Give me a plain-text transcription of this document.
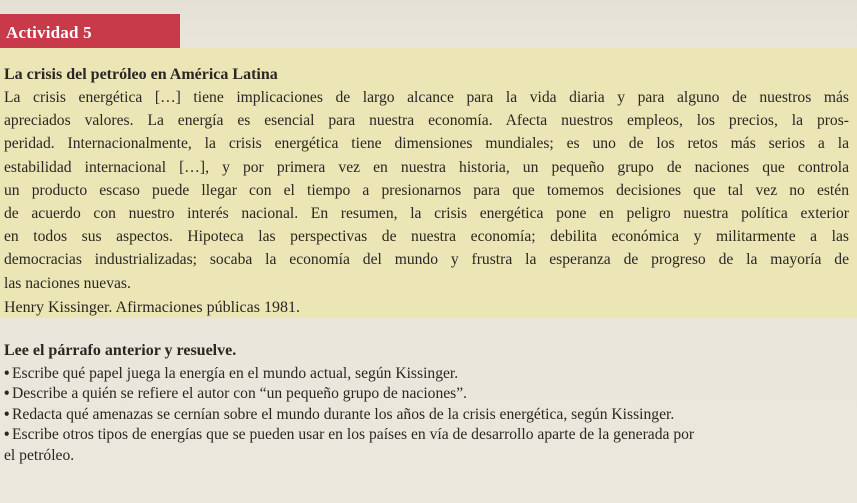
Actividad 5

La crisis del petróleo en América Latina

La crisis energética […] tiene implicaciones de largo alcance para la vida diaria y para alguno de nuestros más
apreciados valores. La energía es esencial para nuestra economía. Afecta nuestros empleos, los precios, la pros-
peridad. Internacionalmente, la crisis energética tiene dimensiones mundiales; es uno de los retos más serios a la
estabilidad internacional […], y por primera vez en nuestra historia, un pequeño grupo de naciones que controla
un producto escaso puede llegar con el tiempo a presionarnos para que tomemos decisiones que tal vez no estén
de acuerdo con nuestro interés nacional. En resumen, la crisis energética pone en peligro nuestra política exterior
en todos sus aspectos. Hipoteca las perspectivas de nuestra economía; debilita económica y militarmente a las
democracias industrializadas; socaba la economía del mundo y frustra la esperanza de progreso de la mayoría de
las naciones nuevas.
Henry Kissinger. Afirmaciones públicas 1981.

Lee el párrafo anterior y resuelve.

• Escribe qué papel juega la energía en el mundo actual, según Kissinger.
• Describe a quién se refiere el autor con “un pequeño grupo de naciones”.
• Redacta qué amenazas se cernían sobre el mundo durante los años de la crisis energética, según Kissinger.
• Escribe otros tipos de energías que se pueden usar en los países en vía de desarrollo aparte de la generada por
el petróleo.
